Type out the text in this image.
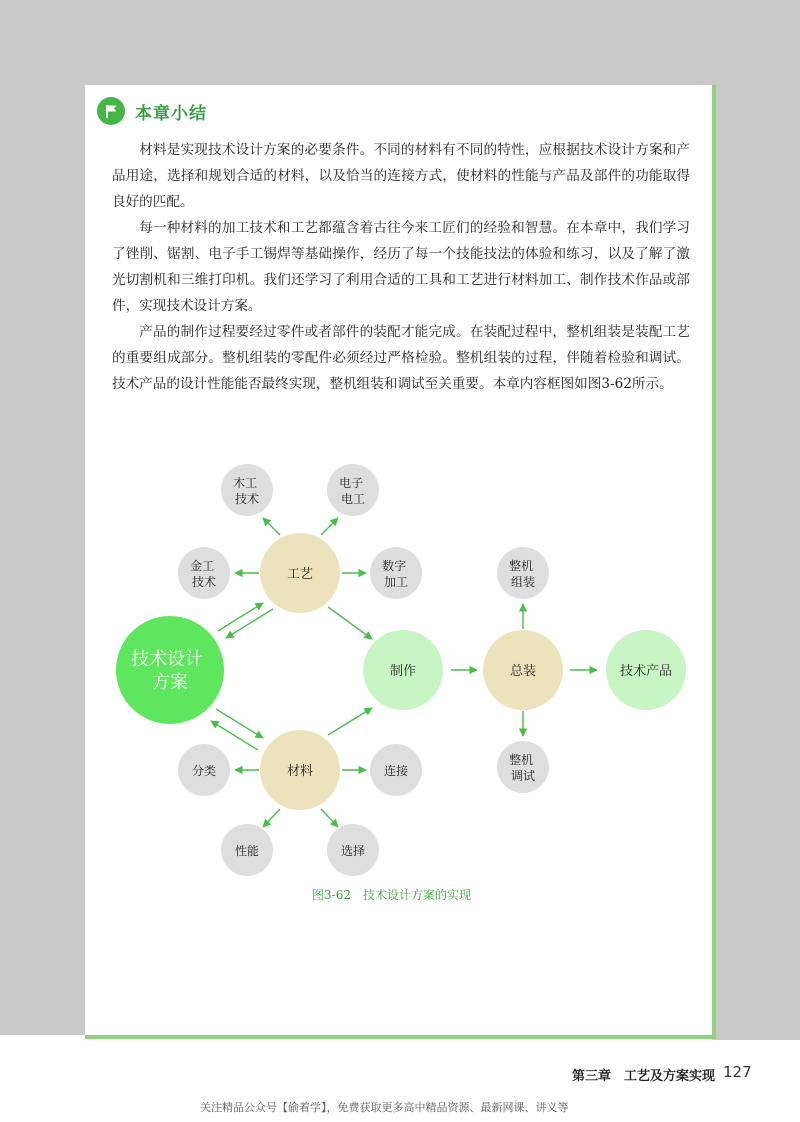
本章小结

材料是实现技术设计方案的必要条件。不同的材料有不同的特性，应根据技术设计方案和产品用途，选择和规划合适的材料，以及恰当的连接方式，使材料的性能与产品及部件的功能取得良好的匹配。

每一种材料的加工技术和工艺都蕴含着古往今来工匠们的经验和智慧。在本章中，我们学习了锉削、锯割、电子手工锡焊等基础操作，经历了每一个技能技法的体验和练习，以及了解了激光切割机和三维打印机。我们还学习了利用合适的工具和工艺进行材料加工、制作技术作品或部件，实现技术设计方案。

产品的制作过程要经过零件或者部件的装配才能完成。在装配过程中，整机组装是装配工艺的重要组成部分。整机组装的零配件必须经过严格检验。整机组装的过程，伴随着检验和调试。技术产品的设计性能能否最终实现，整机组装和调试至关重要。本章内容框图如图3-62所示。

技术设计 方案
工艺
材料
制作	总装	技术产品
木工 技术
电子 电工
金工 技术
数字 加工
分类	连接
性能	选择
整机 组装
整机 调试
图3-62　技术设计方案的实现
第三章　工艺及方案实现 127
关注精品公众号【偷着学】，免费获取更多高中精品资源、最新网课、讲义等
